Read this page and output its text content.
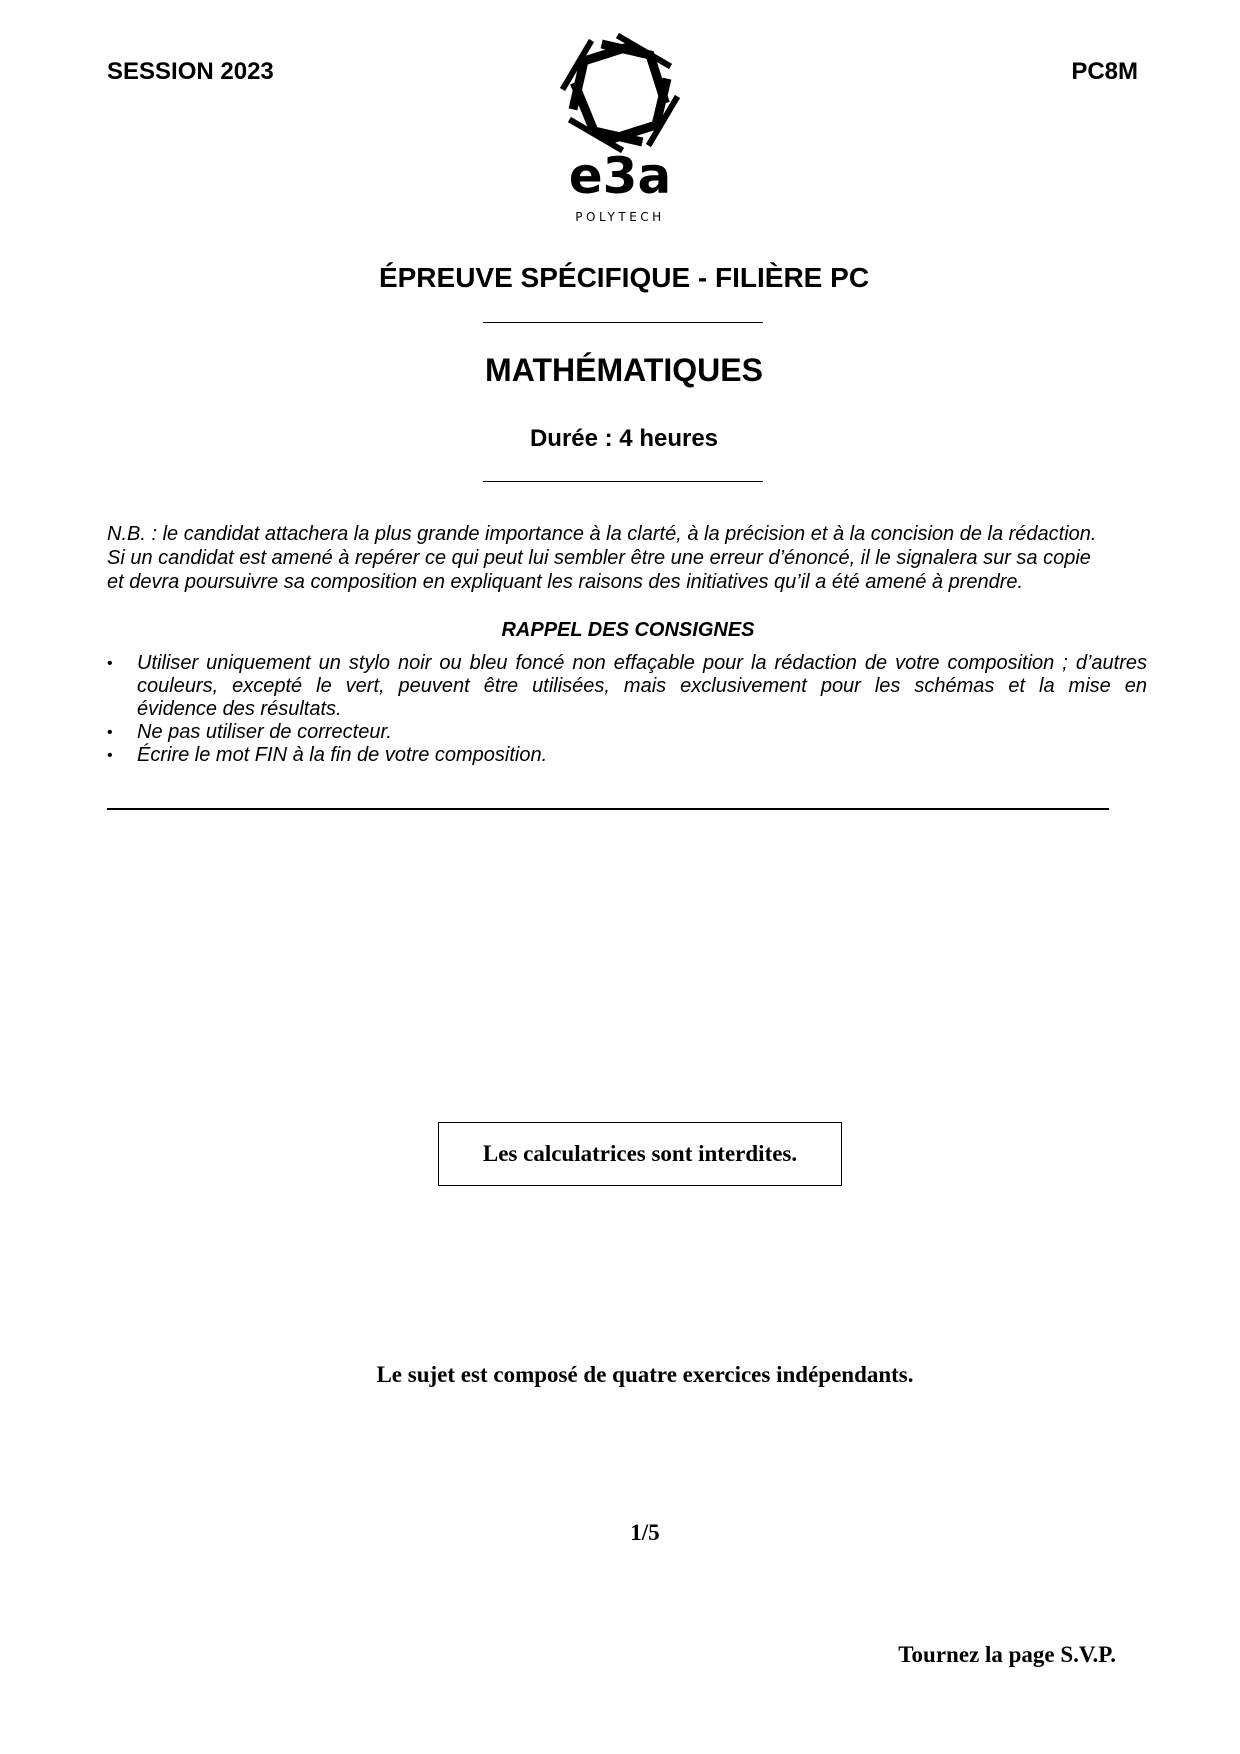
SESSION 2023	PC8M
e3a
POLYTECH
ÉPREUVE SPÉCIFIQUE - FILIÈRE PC
MATHÉMATIQUES
Durée : 4 heures
N.B. : le candidat attachera la plus grande importance à la clarté, à la précision et à la concision de la rédaction.
Si un candidat est amené à repérer ce qui peut lui sembler être une erreur d’énoncé, il le signalera sur sa copie
et devra poursuivre sa composition en expliquant les raisons des initiatives qu’il a été amené à prendre.
RAPPEL DES CONSIGNES
• Utiliser uniquement un stylo noir ou bleu foncé non effaçable pour la rédaction de votre composition ; d’autres
couleurs, excepté le vert, peuvent être utilisées, mais exclusivement pour les schémas et la mise en
évidence des résultats.
• Ne pas utiliser de correcteur.
• Écrire le mot FIN à la fin de votre composition.
Les calculatrices sont interdites.
Le sujet est composé de quatre exercices indépendants.
1/5
Tournez la page S.V.P.
